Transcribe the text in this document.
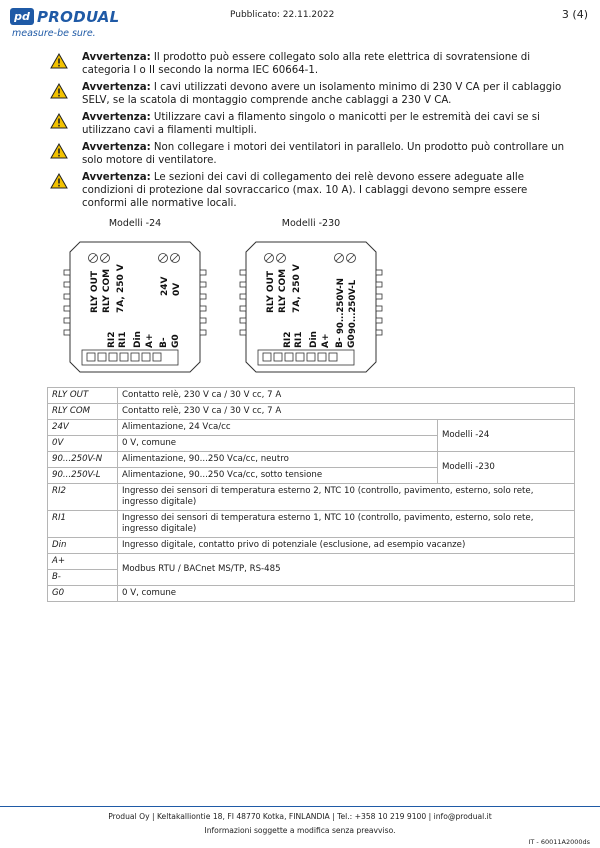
pd PRODUAL
measure-be sure.
Pubblicato: 22.11.2022	3 (4)
Avvertenza: Il prodotto può essere collegato solo alla rete elettrica di sovratensione di categoria I o II secondo la norma IEC 60664-1.
Avvertenza: I cavi utilizzati devono avere un isolamento minimo di 230 V CA per il cablaggio SELV, se la scatola di montaggio comprende anche cablaggi a 230 V CA.
Avvertenza: Utilizzare cavi a filamento singolo o manicotti per le estremità dei cavi se si utilizzano cavi a filamenti multipli.
Avvertenza: Non collegare i motori dei ventilatori in parallelo. Un prodotto può controllare un solo motore di ventilatore.
Avvertenza: Le sezioni dei cavi di collegamento dei relè devono essere adeguate alle condizioni di protezione dal sovraccarico (max. 10 A). I cablaggi devono sempre essere conformi alle normative locali.
Modelli -24
RLY OUT RLY COM 7A, 250 V	24V 0V
RI2 RI1 Din A+ B- G0
Modelli -230
RLY OUT RLY COM 7A, 250 V	90...250V-N 90...250V-L
RI2 RI1 Din A+ B- G0
RLY OUT	Contatto relè, 230 V ca / 30 V cc, 7 A	
RLY COM	Contatto relè, 230 V ca / 30 V cc, 7 A	
24V	Alimentazione, 24 Vca/cc	Modelli -24
0V	0 V, comune	
90...250V-N	Alimentazione, 90...250 Vca/cc, neutro	Modelli -230
90...250V-L	Alimentazione, 90...250 Vca/cc, sotto tensione	
RI2	Ingresso dei sensori di temperatura esterno 2, NTC 10 (controllo, pavimento, esterno, solo rete, ingresso digitale)	
RI1	Ingresso dei sensori di temperatura esterno 1, NTC 10 (controllo, pavimento, esterno, solo rete, ingresso digitale)	
Din	Ingresso digitale, contatto privo di potenziale (esclusione, ad esempio vacanze)	
A+	Modbus RTU / BACnet MS/TP, RS-485	
B-		
G0	0 V, comune	
Produal Oy | Keltakalliontie 18, FI 48770 Kotka, FINLANDIA | Tel.: +358 10 219 9100 | info@produal.it
Informazioni soggette a modifica senza preavviso.
IT - 60011A2000ds
